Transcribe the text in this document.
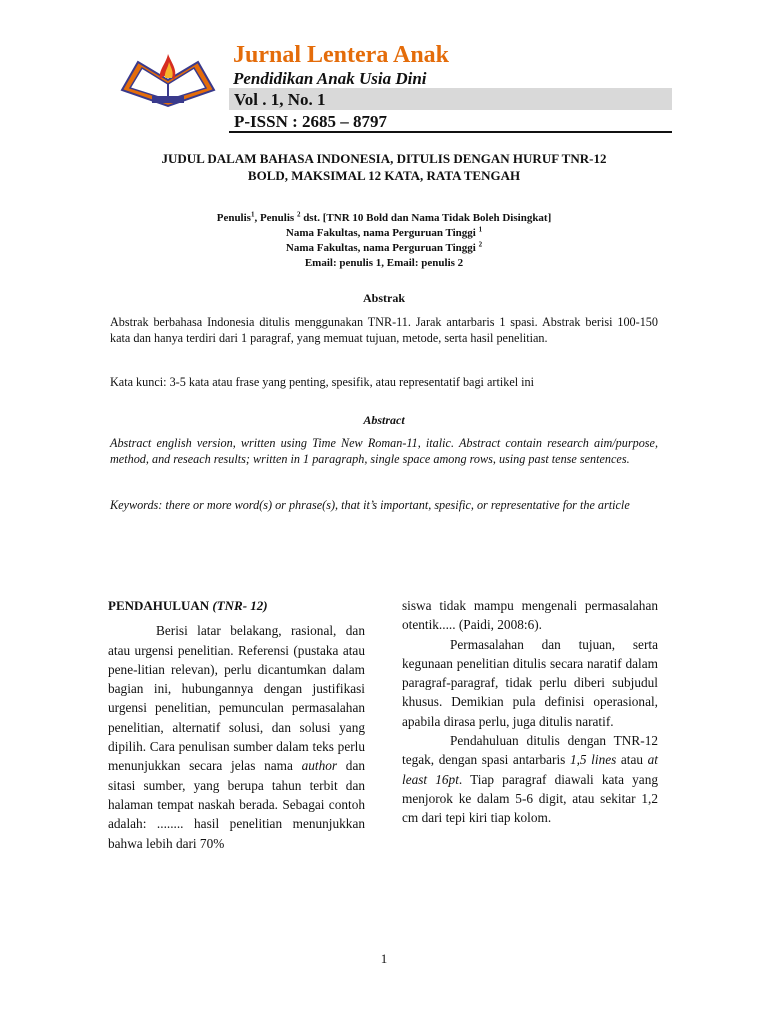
Jurnal Lentera Anak
Pendidikan Anak Usia Dini
Vol . 1, No. 1
P-ISSN : 2685 – 8797
JUDUL DALAM BAHASA INDONESIA, DITULIS DENGAN HURUF TNR-12
BOLD, MAKSIMAL 12 KATA, RATA TENGAH
Penulis$^1$, Penulis $^2$ dst. [TNR 10 Bold dan Nama Tidak Boleh Disingkat]
Nama Fakultas, nama Perguruan Tinggi $^1$
Nama Fakultas, nama Perguruan Tinggi $^2$
Email: penulis 1, Email: penulis 2
Abstrak
Abstrak berbahasa Indonesia ditulis menggunakan TNR-11. Jarak antarbaris 1 spasi. Abstrak berisi 100-150 kata dan hanya terdiri dari 1 paragraf, yang memuat tujuan, metode, serta hasil penelitian.
Kata kunci: 3-5 kata atau frase yang penting, spesifik, atau representatif bagi artikel ini
Abstract
Abstract english version, written using Time New Roman-11, italic. Abstract contain research aim/purpose, method, and reseach results; written in 1 paragraph, single space among rows, using past tense sentences.
Keywords: there or more word(s) or phrase(s), that it’s important, spesific, or representative for the article

PENDAHULUAN (TNR- 12)

Berisi latar belakang, rasional, dan atau urgensi penelitian. Referensi (pustaka atau pene-litian relevan), perlu dicantumkan dalam bagian ini, hubungannya dengan justifikasi urgensi penelitian, pemunculan permasalahan penelitian, alternatif solusi, dan solusi yang dipilih. Cara penulisan sumber dalam teks perlu menunjukkan secara jelas nama author dan sitasi sumber, yang berupa tahun terbit dan halaman tempat naskah berada. Sebagai contoh adalah: ........ hasil penelitian menunjukkan bahwa lebih dari 70%

siswa tidak mampu mengenali permasalahan otentik..... (Paidi, 2008:6).

Permasalahan dan tujuan, serta kegunaan penelitian ditulis secara naratif dalam paragraf-paragraf, tidak perlu diberi subjudul khusus. Demikian pula definisi operasional, apabila dirasa perlu, juga ditulis naratif.

Pendahuluan ditulis dengan TNR-12 tegak, dengan spasi antarbaris 1,5 lines atau at least 16pt. Tiap paragraf diawali kata yang menjorok ke dalam 5-6 digit, atau sekitar 1,2 cm dari tepi kiri tiap kolom.

1
